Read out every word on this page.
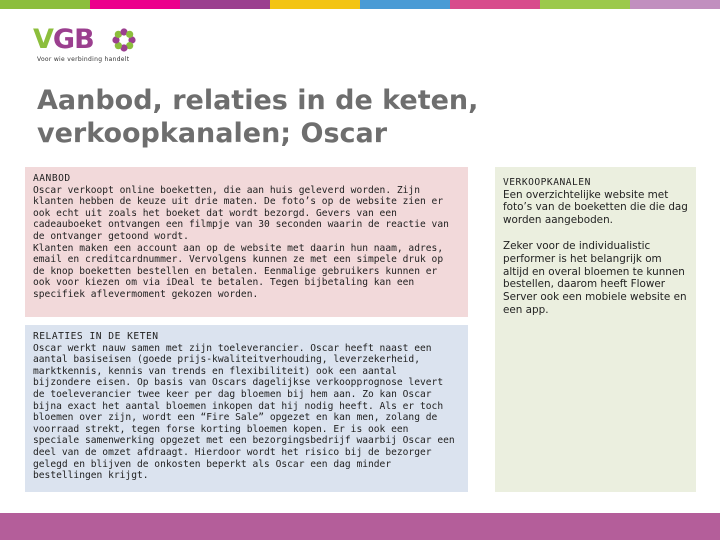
VGB
Voor wie verbinding handelt
Aanbod, relaties in de keten,
verkoopkanalen; Oscar
AANBOD
Oscar verkoopt online boeketten, die aan huis geleverd worden. Zijn klanten hebben de keuze uit drie maten. De foto’s op de website zien er ook echt uit zoals het boeket dat wordt bezorgd. Gevers van een cadeauboeket ontvangen een filmpje van 30 seconden waarin de reactie van de ontvanger getoond wordt.
Klanten maken een account aan op de website met daarin hun naam, adres, email en creditcardnummer. Vervolgens kunnen ze met een simpele druk op de knop boeketten bestellen en betalen. Eenmalige gebruikers kunnen er ook voor kiezen om via iDeal te betalen. Tegen bijbetaling kan een specifiek aflevermoment gekozen worden.
RELATIES IN DE KETEN
Oscar werkt nauw samen met zijn toeleverancier. Oscar heeft naast een aantal basiseisen (goede prijs-kwaliteitverhouding, leverzekerheid, marktkennis, kennis van trends en flexibiliteit) ook een aantal bijzondere eisen. Op basis van Oscars dagelijkse verkoopprognose levert de toeleverancier twee keer per dag bloemen bij hem aan. Zo kan Oscar bijna exact het aantal bloemen inkopen dat hij nodig heeft. Als er toch bloemen over zijn, wordt een “Fire Sale” opgezet en kan men, zolang de voorraad strekt, tegen forse korting bloemen kopen. Er is ook een speciale samenwerking opgezet met een bezorgingsbedrijf waarbij Oscar een deel van de omzet afdraagt. Hierdoor wordt het risico bij de bezorger gelegd en blijven de onkosten beperkt als Oscar een dag minder bestellingen krijgt.
VERKOOPKANALEN
Een overzichtelijke website met foto’s van de boeketten die die dag worden aangeboden.
Zeker voor de individualistic performer is het belangrijk om altijd en overal bloemen te kunnen bestellen, daarom heeft Flower Server ook een mobiele website en een app.
